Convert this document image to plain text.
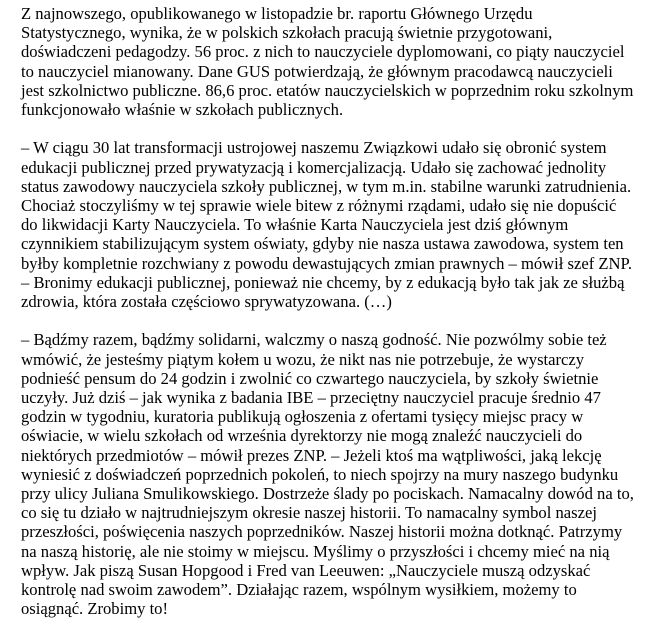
Z najnowszego, opublikowanego w listopadzie br. raportu Głównego Urzędu Statystycznego, wynika, że w polskich szkołach pracują świetnie przygotowani, doświadczeni pedagodzy. 56 proc. z nich to nauczyciele dyplomowani, co piąty nauczyciel to nauczyciel mianowany. Dane GUS potwierdzają, że głównym pracodawcą nauczycieli jest szkolnictwo publiczne. 86,6 proc. etatów nauczycielskich w poprzednim roku szkolnym funkcjonowało właśnie w szkołach publicznych.

– W ciągu 30 lat transformacji ustrojowej naszemu Związkowi udało się obronić system edukacji publicznej przed prywatyzacją i komercjalizacją. Udało się zachować jednolity status zawodowy nauczyciela szkoły publicznej, w tym m.in. stabilne warunki zatrudnienia. Chociaż stoczyliśmy w tej sprawie wiele bitew z różnymi rządami, udało się nie dopuścić do likwidacji Karty Nauczyciela. To właśnie Karta Nauczyciela jest dziś głównym czynnikiem stabilizującym system oświaty, gdyby nie nasza ustawa zawodowa, system ten byłby kompletnie rozchwiany z powodu dewastujących zmian prawnych – mówił szef ZNP. – Bronimy edukacji publicznej, ponieważ nie chcemy, by z edukacją było tak jak ze służbą zdrowia, która została częściowo sprywatyzowana. (…)

– Bądźmy razem, bądźmy solidarni, walczmy o naszą godność. Nie pozwólmy sobie też wmówić, że jesteśmy piątym kołem u wozu, że nikt nas nie potrzebuje, że wystarczy podnieść pensum do 24 godzin i zwolnić co czwartego nauczyciela, by szkoły świetnie uczyły. Już dziś – jak wynika z badania IBE – przeciętny nauczyciel pracuje średnio 47 godzin w tygodniu, kuratoria publikują ogłoszenia z ofertami tysięcy miejsc pracy w oświacie, w wielu szkołach od września dyrektorzy nie mogą znaleźć nauczycieli do niektórych przedmiotów – mówił prezes ZNP. – Jeżeli ktoś ma wątpliwości, jaką lekcję wyniesić z doświadczeń poprzednich pokoleń, to niech spojrzy na mury naszego budynku przy ulicy Juliana Smulikowskiego. Dostrzeże ślady po pociskach. Namacalny dowód na to, co się tu działo w najtrudniejszym okresie naszej historii. To namacalny symbol naszej przeszłości, poświęcenia naszych poprzedników. Naszej historii można dotknąć. Patrzymy na naszą historię, ale nie stoimy w miejscu. Myślimy o przyszłości i chcemy mieć na nią wpływ. Jak piszą Susan Hopgood i Fred van Leeuwen: „Nauczyciele muszą odzyskać kontrolę nad swoim zawodem”. Działając razem, wspólnym wysiłkiem, możemy to osiągnąć. Zrobimy to!
